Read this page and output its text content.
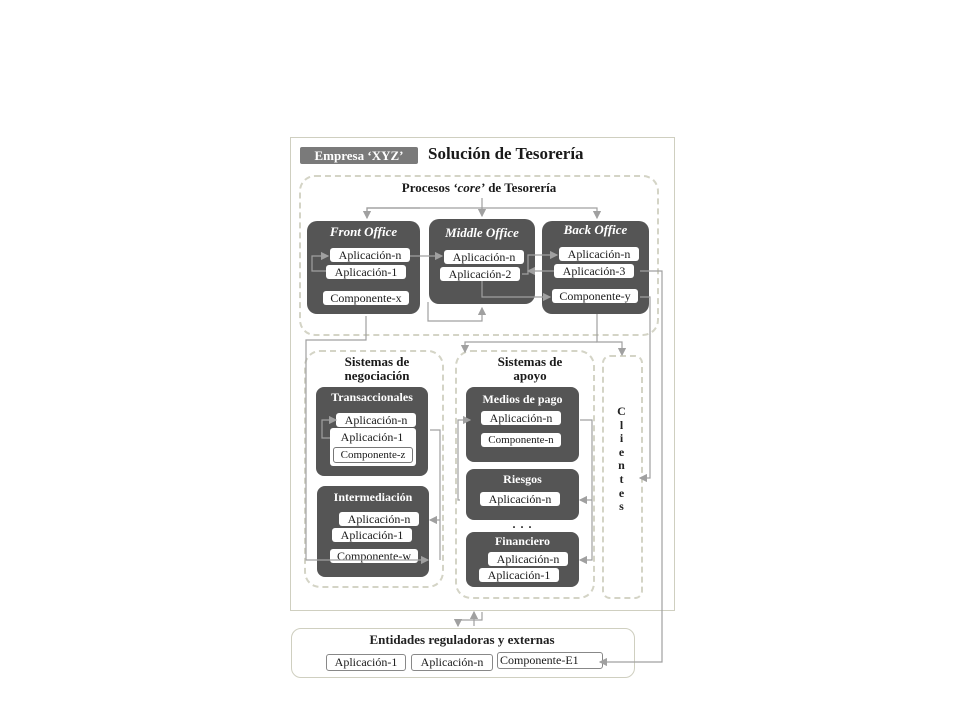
Empresa ‘XYZ’	Solución de Tesorería
Procesos ‘core’ de Tesorería
Front Office
Aplicación-n
Aplicación-1
Componente-x
Middle Office
Aplicación-n
Aplicación-2
Back Office
Aplicación-n
Aplicación-3
Componente-y
Sistemas de negociación
Transaccionales
Aplicación-n
Aplicación-1
Componente-z
Intermediación
Aplicación-n
Aplicación-1
Componente-w
Sistemas de apoyo
Medios de pago
Aplicación-n
Componente-n
Riesgos
Aplicación-n
. . .
Financiero
Aplicación-n
Aplicación-1
C
l
i
e
n
t
e
s
Entidades reguladoras y externas
Aplicación-1	Aplicación-n	Componente-E1
